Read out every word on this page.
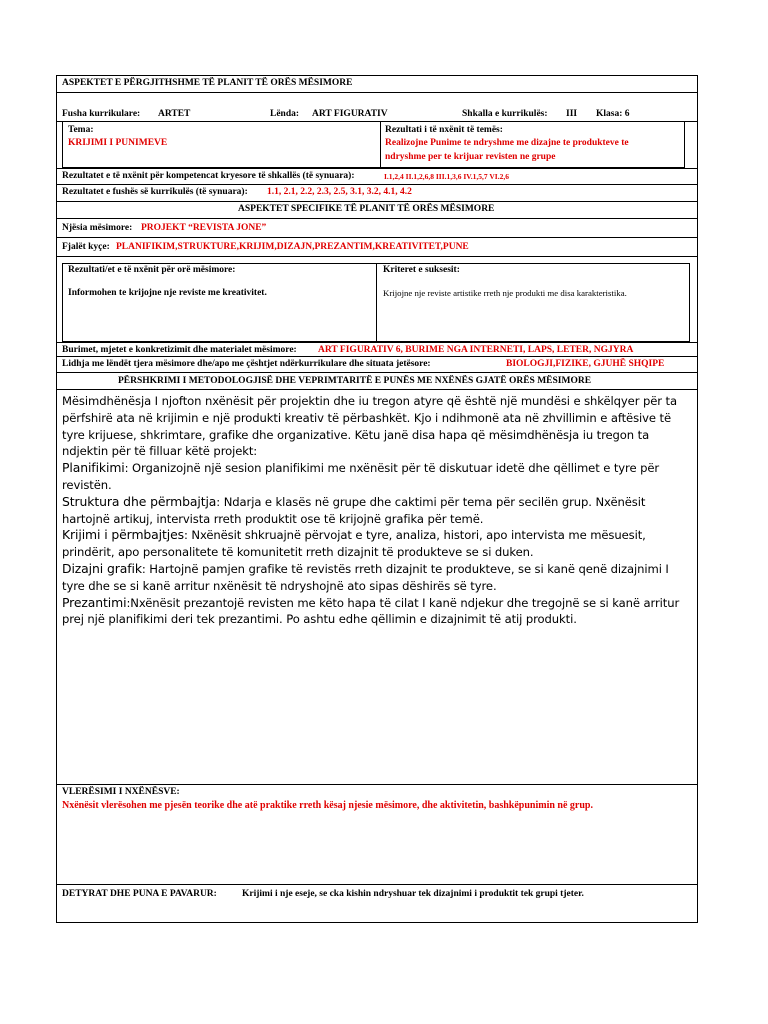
ASPEKTET E PËRGJITHSHME TË PLANIT TË ORËS MËSIMORE
Fusha kurrikulare: ARTET	Lënda: ART FIGURATIV	Shkalla e kurrikulës: III Klasa: 6
Tema:
KRIJIMI I PUNIMEVE
Rezultati i të nxënit të temës:
Realizojne Punime te ndryshme me dizajne te produkteve te
ndryshme per te krijuar revisten ne grupe
Rezultatet e të nxënit për kompetencat kryesore të shkallës (të synuara):	I.1,2,4 II.1,2,6,8 III.1,3,6 IV.1,5,7 VI.2,6
Rezultatet e fushës së kurrikulës (të synuara): 1.1, 2.1, 2.2, 2.3, 2.5, 3.1, 3.2, 4.1, 4.2
ASPEKTET SPECIFIKE TË PLANIT TË ORËS MËSIMORE
Njësia mësimore: PROJEKT “REVISTA JONE”
Fjalët kyçe: PLANIFIKIM,STRUKTURE,KRIJIM,DIZAJN,PREZANTIM,KREATIVITET,PUNE
Rezultati/et e të nxënit për orë mësimore:
Informohen te krijojne nje reviste me kreativitet.
Kriteret e suksesit:
Krijojne nje reviste artistike rreth nje produkti me disa karakteristika.
Burimet, mjetet e konkretizimit dhe materialet mësimore: ART FIGURATIV 6, BURIME NGA INTERNETI, LAPS, LETER, NGJYRA
Lidhja me lëndët tjera mësimore dhe/apo me çështjet ndërkurrikulare dhe situata jetësore:	BIOLOGJI,FIZIKE, GJUHË SHQIPE
PËRSHKRIMI I METODOLOGJISË DHE VEPRIMTARITË E PUNËS ME NXËNËS GJATË ORËS MËSIMORE

Mësimdhënësja I njofton nxënësit për projektin dhe iu tregon atyre që është një mundësi e shkëlqyer për ta përfshirë ata në krijimin e një produkti kreativ të përbashkët. Kjo i ndihmonë ata në zhvillimin e aftësive të tyre krijuese, shkrimtare, grafike dhe organizative. Këtu janë disa hapa që mësimdhënësja iu tregon ta ndjektin për të filluar këtë projekt:

Planifikimi: Organizojnë një sesion planifikimi me nxënësit për të diskutuar idetë dhe qëllimet e tyre për revistën.

Struktura dhe përmbajtja: Ndarja e klasës në grupe dhe caktimi për tema për secilën grup. Nxënësit hartojnë artikuj, intervista rreth produktit ose të krijojnë grafika për temë.

Krijimi i përmbajtjes: Nxënësit shkruajnë përvojat e tyre, analiza, histori, apo intervista me mësuesit, prindërit, apo personalitete të komunitetit rreth dizajnit të produkteve se si duken.

Dizajni grafik: Hartojnë pamjen grafike të revistës rreth dizajnit te produkteve, se si kanë qenë dizajnimi I tyre dhe se si kanë arritur nxënësit të ndryshojnë ato sipas dëshirës së tyre.

Prezantimi:Nxënësit prezantojë revisten me këto hapa të cilat I kanë ndjekur dhe tregojnë se si kanë arritur prej një planifikimi deri tek prezantimi. Po ashtu edhe qëllimin e dizajnimit të atij produkti.

VLERËSIMI I NXËNËSVE:
Nxënësit vlerësohen me pjesën teorike dhe atë praktike rreth kësaj njesie mësimore, dhe aktivitetin, bashkëpunimin në grup.
DETYRAT DHE PUNA E PAVARUR:	Krijimi i nje eseje, se cka kishin ndryshuar tek dizajnimi i produktit tek grupi tjeter.
